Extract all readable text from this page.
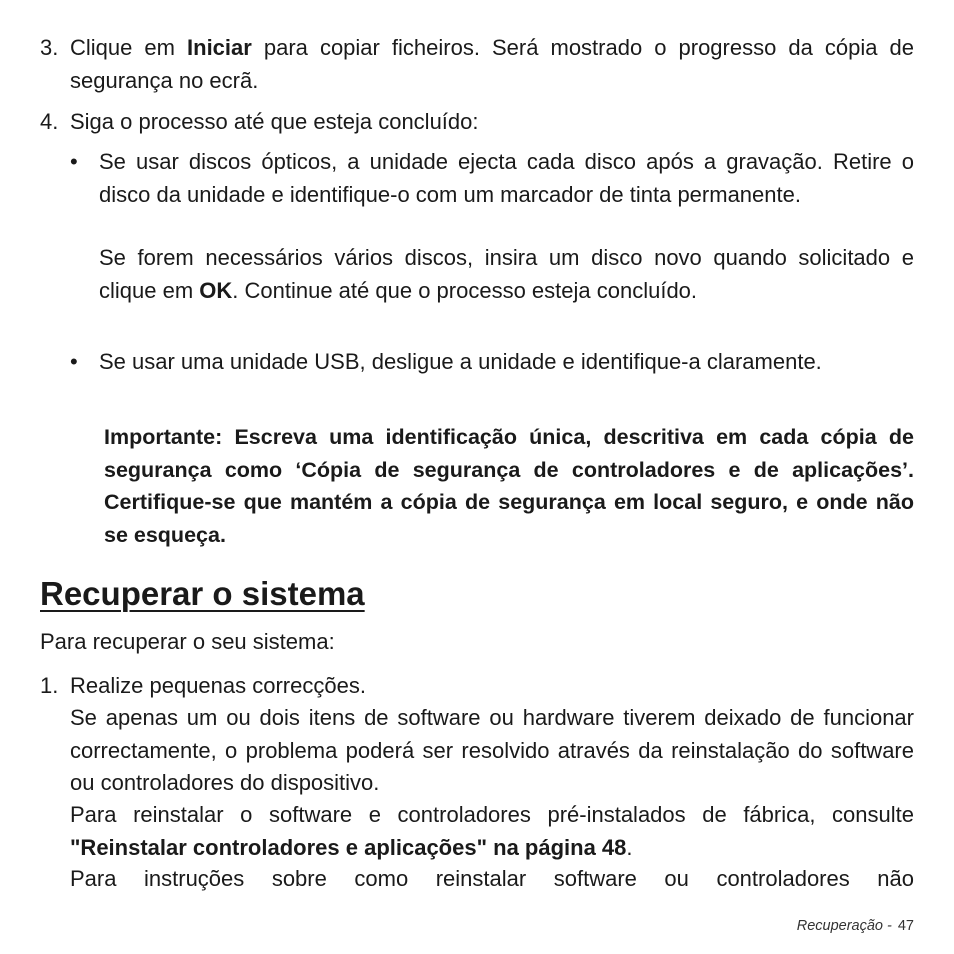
3. Clique em Iniciar para copiar ficheiros. Será mostrado o progresso da cópia de segurança no ecrã.

4. Siga o processo até que esteja concluído:

• Se usar discos ópticos, a unidade ejecta cada disco após a gravação. Retire o disco da unidade e identifique-o com um marcador de tinta permanente.

Se forem necessários vários discos, insira um disco novo quando solicitado e clique em OK. Continue até que o processo esteja concluído.

• Se usar uma unidade USB, desligue a unidade e identifique-a claramente.

Importante: Escreva uma identificação única, descritiva em cada cópia de segurança como ‘Cópia de segurança de controladores e de aplicações’. Certifique-se que mantém a cópia de segurança em local seguro, e onde não se esqueça.

Recuperar o sistema

Para recuperar o seu sistema:

1. Realize pequenas correcções.

Se apenas um ou dois itens de software ou hardware tiverem deixado de funcionar correctamente, o problema poderá ser resolvido através da reinstalação do software ou controladores do dispositivo.

Para reinstalar o software e controladores pré-instalados de fábrica, consulte "Reinstalar controladores e aplicações" na página 48.

Para instruções sobre como reinstalar software ou controladores não

Recuperação - 47
